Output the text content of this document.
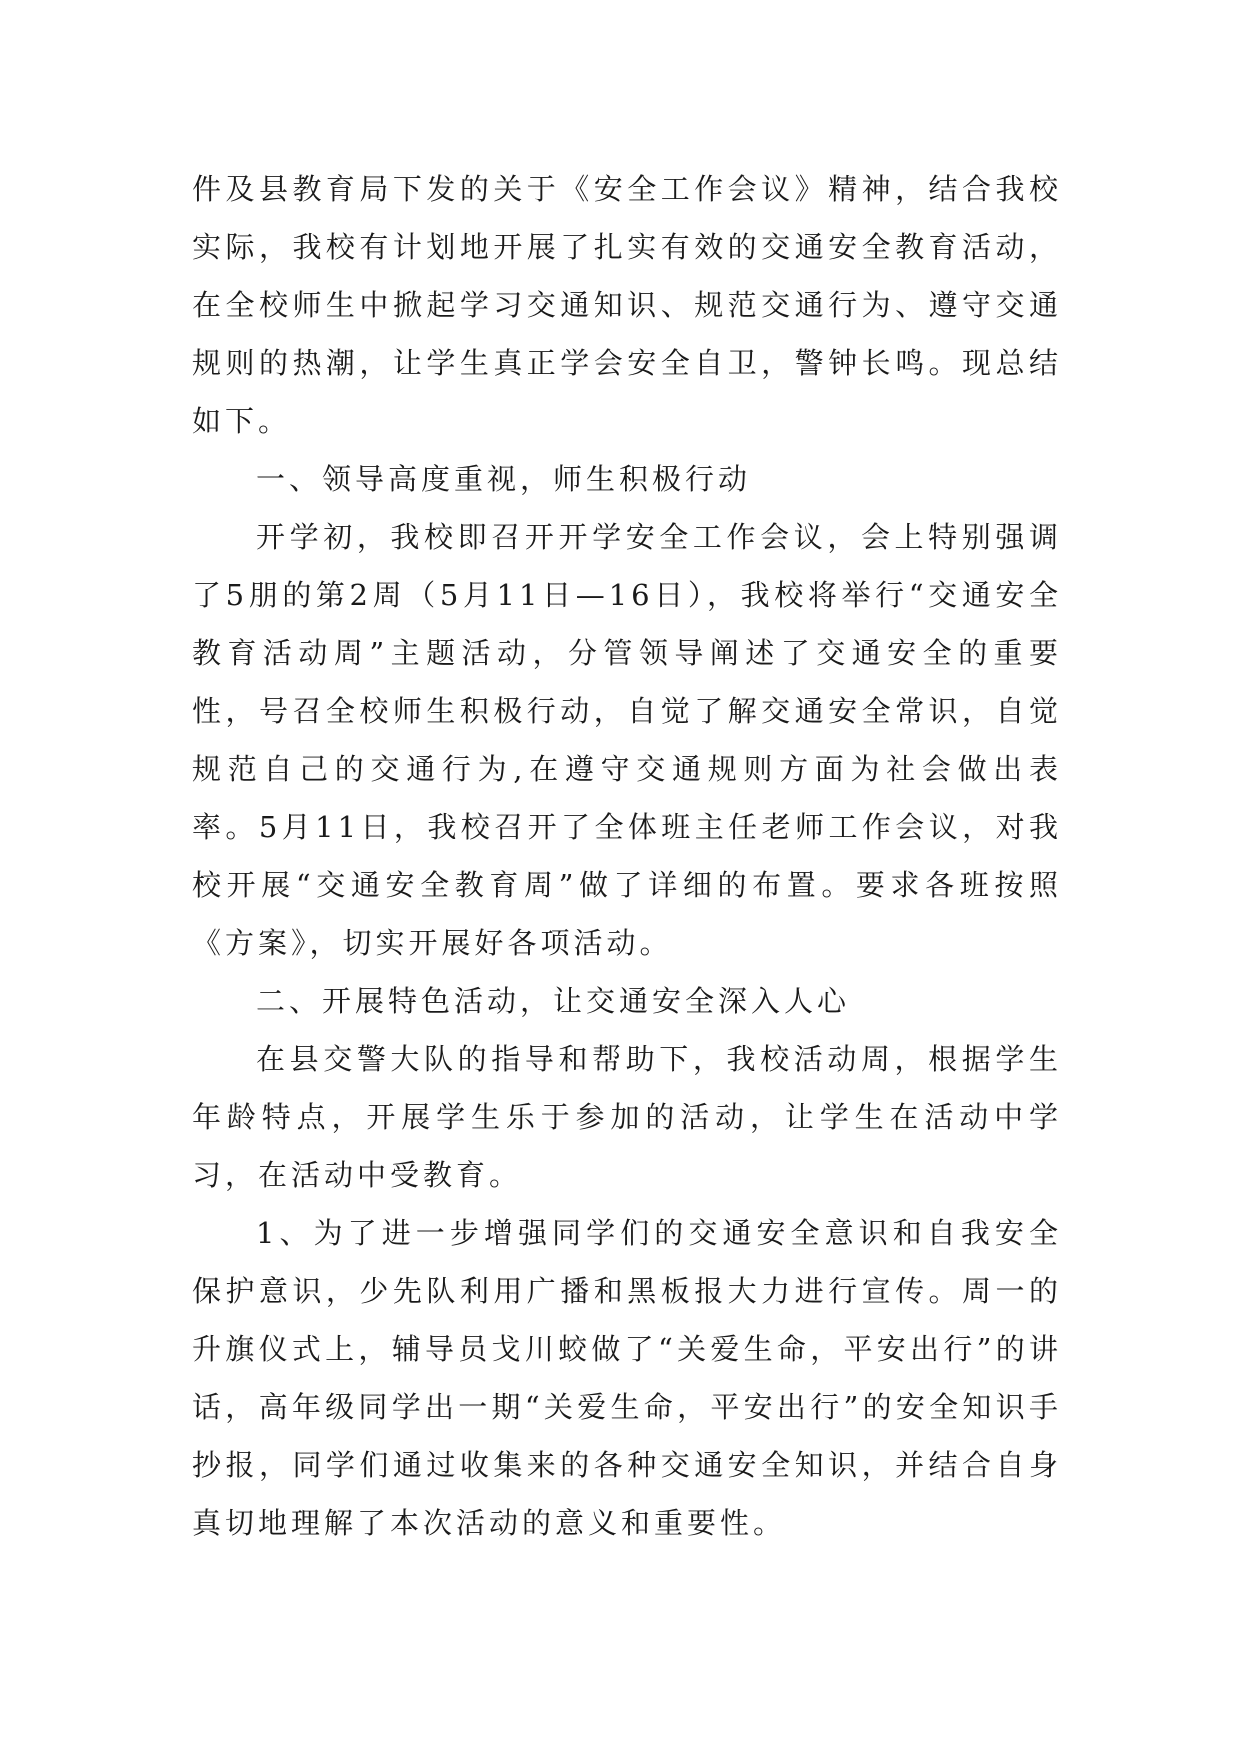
件及县教育局下发的关于《安全工作会议》精神，结合我校实际，我校有计划地开展了扎实有效的交通安全教育活动，在全校师生中掀起学习交通知识、规范交通行为、遵守交通规则的热潮，让学生真正学会安全自卫，警钟长鸣。现总结如下。

一、领导高度重视，师生积极行动

开学初，我校即召开开学安全工作会议，会上特别强调了5朋的第2周（5月11日—16日），我校将举行“交通安全教育活动周”主题活动，分管领导阐述了交通安全的重要性，号召全校师生积极行动，自觉了解交通安全常识，自觉规范自己的交通行为,在遵守交通规则方面为社会做出表率。5月11日，我校召开了全体班主任老师工作会议，对我校开展“交通安全教育周”做了详细的布置。要求各班按照《方案》，切实开展好各项活动。

二、开展特色活动，让交通安全深入人心

在县交警大队的指导和帮助下，我校活动周，根据学生年龄特点，开展学生乐于参加的活动，让学生在活动中学习，在活动中受教育。

1、为了进一步增强同学们的交通安全意识和自我安全保护意识，少先队利用广播和黑板报大力进行宣传。周一的升旗仪式上，辅导员戈川蛟做了“关爱生命，平安出行”的讲话，高年级同学出一期“关爱生命，平安出行”的安全知识手抄报，同学们通过收集来的各种交通安全知识，并结合自身真切地理解了本次活动的意义和重要性。
